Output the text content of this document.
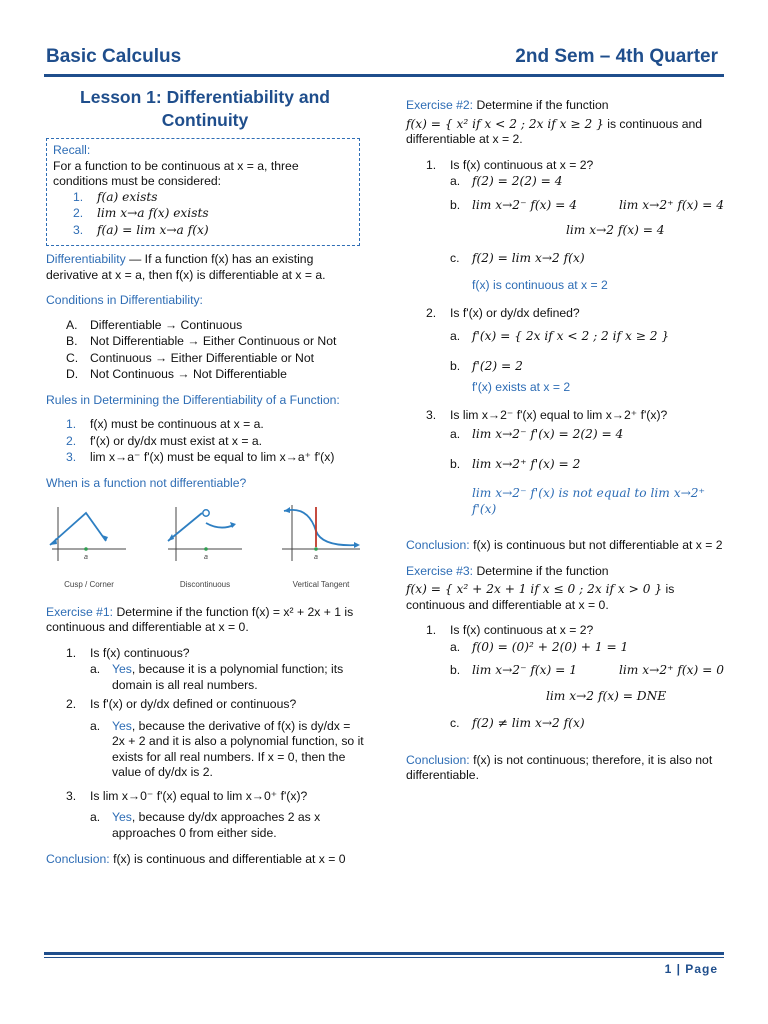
Basic Calculus	2nd Sem – 4th Quarter
Lesson 1: Differentiability and Continuity

Recall:

For a function to be continuous at x = a, three conditions must be considered:

1. f(a) exists
2. lim x→a f(x) exists
3. f(a) = lim x→a f(x)

Differentiability — If a function f(x) has an existing derivative at x = a, then f(x) is differentiable at x = a.

Conditions in Differentiability:

A. Differentiable → Continuous
B. Not Differentiable → Either Continuous or Not
C. Continuous → Either Differentiable or Not
D. Not Continuous → Not Differentiable

Rules in Determining the Differentiability of a Function:

1. f(x) must be continuous at x = a.
2. f'(x) or dy/dx must exist at x = a.
3. lim x→a⁻ f'(x) must be equal to lim x→a⁺ f'(x)

When is a function not differentiable?

a
Cusp / Corner
a
Discontinuous
a
Vertical Tangent

Exercise #1: Determine if the function f(x) = x² + 2x + 1 is continuous and differentiable at x = 0.

1. Is f(x) continuous?
a. Yes, because it is a polynomial function; its domain is all real numbers.
2. Is f'(x) or dy/dx defined or continuous?
a. Yes, because the derivative of f(x) is dy/dx = 2x + 2 and it is also a polynomial function, so it exists for all real numbers. If x = 0, then the value of dy/dx is 2.
3. Is lim x→0⁻ f'(x) equal to lim x→0⁺ f'(x)?
a. Yes, because dy/dx approaches 2 as x approaches 0 from either side.

Conclusion: f(x) is continuous and differentiable at x = 0

Exercise #2: Determine if the function

f(x) = { x² if x < 2 ; 2x if x ≥ 2 } is continuous and differentiable at x = 2.

1. Is f(x) continuous at x = 2?
a. f(2) = 2(2) = 4
b. lim x→2⁻ f(x) = 4	lim x→2⁺ f(x) = 4
lim x→2 f(x) = 4
c. f(2) = lim x→2 f(x)
f(x) is continuous at x = 2
2. Is f'(x) or dy/dx defined?
a. f'(x) = { 2x if x < 2 ; 2 if x ≥ 2 }
b. f'(2) = 2
f'(x) exists at x = 2
3. Is lim x→2⁻ f'(x) equal to lim x→2⁺ f'(x)?
a. lim x→2⁻ f'(x) = 2(2) = 4
b. lim x→2⁺ f'(x) = 2
lim x→2⁻ f'(x) is not equal to lim x→2⁺ f'(x)

Conclusion: f(x) is continuous but not differentiable at x = 2

Exercise #3: Determine if the function

f(x) = { x² + 2x + 1 if x ≤ 0 ; 2x if x > 0 } is continuous and differentiable at x = 0.

1. Is f(x) continuous at x = 2?
a. f(0) = (0)² + 2(0) + 1 = 1
b. lim x→2⁻ f(x) = 1	lim x→2⁺ f(x) = 0
lim x→2 f(x) = DNE
c. f(2) ≠ lim x→2 f(x)

Conclusion: f(x) is not continuous; therefore, it is also not differentiable.

1 | Page
